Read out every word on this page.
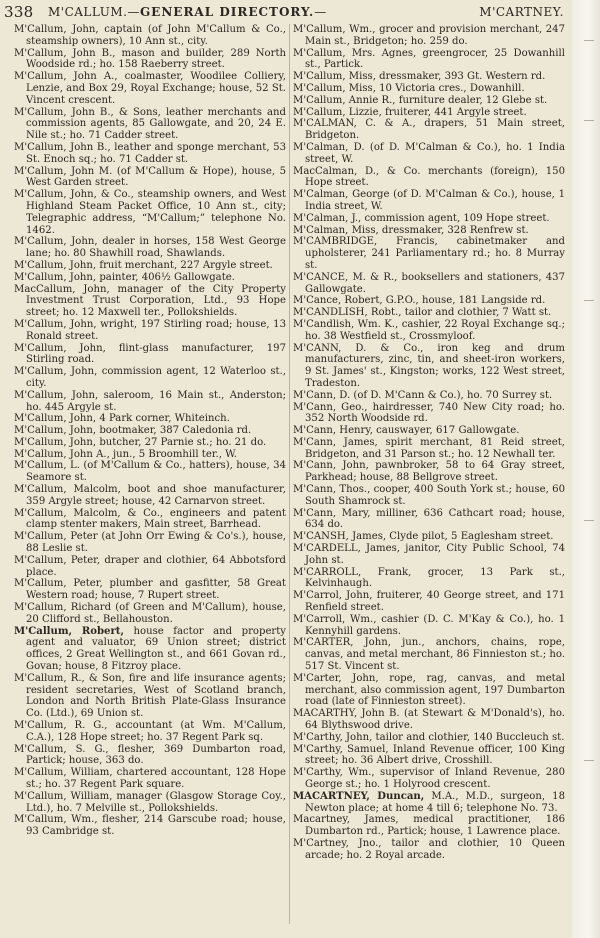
338 M'CALLUM.—GENERAL DIRECTORY.—	M'CARTNEY.

M'Callum, John, captain (of John M'Callum & Co., steamship owners), 10 Ann st., city.

M'Callum, John B., mason and builder, 289 North Woodside rd.; ho. 158 Raeberry street.

M'Callum, John A., coalmaster, Woodilee Colliery, Lenzie, and Box 29, Royal Exchange; house, 52 St. Vincent crescent.

M'Callum, John B., & Sons, leather merchants and commission agents, 85 Gallowgate, and 20, 24 E. Nile st.; ho. 71 Cadder street.

M'Callum, John B., leather and sponge merchant, 53 St. Enoch sq.; ho. 71 Cadder st.

M'Callum, John M. (of M'Callum & Hope), house, 5 West Garden street.

M'Callum, John, & Co., steamship owners, and West Highland Steam Packet Office, 10 Ann st., city; Telegraphic address, “M'Callum;” telephone No. 1462.

M'Callum, John, dealer in horses, 158 West George lane; ho. 80 Shawhill road, Shawlands.

M'Callum, John, fruit merchant, 227 Argyle street.

M'Callum, John, painter, 406½ Gallowgate.

MacCallum, John, manager of the City Property Investment Trust Corporation, Ltd., 93 Hope street; ho. 12 Maxwell ter., Pollokshields.

M'Callum, John, wright, 197 Stirling road; house, 13 Ronald street.

M'Callum, John, flint-glass manufacturer, 197 Stirling road.

M'Callum, John, commission agent, 12 Waterloo st., city.

M'Callum, John, saleroom, 16 Main st., Anderston; ho. 445 Argyle st.

M'Callum, John, 4 Park corner, Whiteinch.

M'Callum, John, bootmaker, 387 Caledonia rd.

M'Callum, John, butcher, 27 Parnie st.; ho. 21 do.

M'Callum, John A., jun., 5 Broomhill ter., W.

M'Callum, L. (of M'Callum & Co., hatters), house, 34 Seamore st.

M'Callum, Malcolm, boot and shoe manufacturer, 359 Argyle street; house, 42 Carnarvon street.

M'Callum, Malcolm, & Co., engineers and patent clamp stenter makers, Main street, Barrhead.

M'Callum, Peter (at John Orr Ewing & Co's.), house, 88 Leslie st.

M'Callum, Peter, draper and clothier, 64 Abbotsford place.

M'Callum, Peter, plumber and gasfitter, 58 Great Western road; house, 7 Rupert street.

M'Callum, Richard (of Green and M'Callum), house, 20 Clifford st., Bellahouston.

M'Callum, Robert, house factor and property agent and valuator, 69 Union street; district offices, 2 Great Wellington st., and 661 Govan rd., Govan; house, 8 Fitzroy place.

M'Callum, R., & Son, fire and life insurance agents; resident secretaries, West of Scotland branch, London and North British Plate-Glass Insurance Co. (Ltd.), 69 Union st.

M'Callum, R. G., accountant (at Wm. M'Callum, C.A.), 128 Hope street; ho. 37 Regent Park sq.

M'Callum, S. G., flesher, 369 Dumbarton road, Partick; house, 363 do.

M'Callum, William, chartered accountant, 128 Hope st.; ho. 37 Regent Park square.

M'Callum, William, manager (Glasgow Storage Coy., Ltd.), ho. 7 Melville st., Pollokshields.

M'Callum, Wm., flesher, 214 Garscube road; house, 93 Cambridge st.

M'Callum, Wm., grocer and provision merchant, 247 Main st., Bridgeton; ho. 259 do.

M'Callum, Mrs. Agnes, greengrocer, 25 Dowanhill st., Partick.

M'Callum, Miss, dressmaker, 393 Gt. Western rd.

M'Callum, Miss, 10 Victoria cres., Dowanhill.

M'Callum, Annie R., furniture dealer, 12 Glebe st.

M'Callum, Lizzie, fruiterer, 441 Argyle street.

M'CALMAN, C. & A., drapers, 51 Main street, Bridgeton.

M'Calman, D. (of D. M'Calman & Co.), ho. 1 India street, W.

MacCalman, D., & Co. merchants (foreign), 150 Hope street.

M'Calman, George (of D. M'Calman & Co.), house, 1 India street, W.

M'Calman, J., commission agent, 109 Hope street.

M'Calman, Miss, dressmaker, 328 Renfrew st.

M'CAMBRIDGE, Francis, cabinetmaker and upholsterer, 241 Parliamentary rd.; ho. 8 Murray st.

M'CANCE, M. & R., booksellers and stationers, 437 Gallowgate.

M'Cance, Robert, G.P.O., house, 181 Langside rd.

M'CANDLISH, Robt., tailor and clothier, 7 Watt st.

M'Candlish, Wm. K., cashier, 22 Royal Exchange sq.; ho. 38 Westfield st., Crossmyloof.

M'CANN, D. & Co., iron keg and drum manufacturers, zinc, tin, and sheet-iron workers, 9 St. James' st., Kingston; works, 122 West street, Tradeston.

M'Cann, D. (of D. M'Cann & Co.), ho. 70 Surrey st.

M'Cann, Geo., hairdresser, 740 New City road; ho. 352 North Woodside rd.

M'Cann, Henry, causwayer, 617 Gallowgate.

M'Cann, James, spirit merchant, 81 Reid street, Bridgeton, and 31 Parson st.; ho. 12 Newhall ter.

M'Cann, John, pawnbroker, 58 to 64 Gray street, Parkhead; house, 88 Bellgrove street.

M'Cann, Thos., cooper, 400 South York st.; house, 60 South Shamrock st.

M'Cann, Mary, milliner, 636 Cathcart road; house, 634 do.

M'CANSH, James, Clyde pilot, 5 Eaglesham street.

M'CARDELL, James, janitor, City Public School, 74 John st.

M'CARROLL, Frank, grocer, 13 Park st., Kelvinhaugh.

M'Carrol, John, fruiterer, 40 George street, and 171 Renfield street.

M'Carroll, Wm., cashier (D. C. M'Kay & Co.), ho. 1 Kennyhill gardens.

M'CARTER, John, jun., anchors, chains, rope, canvas, and metal merchant, 86 Finnieston st.; ho. 517 St. Vincent st.

M'Carter, John, rope, rag, canvas, and metal merchant, also commission agent, 197 Dumbarton road (late of Finnieston street).

MACARTHY, John B. (at Stewart & M'Donald's), ho. 64 Blythswood drive.

M'Carthy, John, tailor and clothier, 140 Buccleuch st.

M'Carthy, Samuel, Inland Revenue officer, 100 King street; ho. 36 Albert drive, Crosshill.

M'Carthy, Wm., supervisor of Inland Revenue, 280 George st.; ho. 1 Holyrood crescent.

MACARTNEY, Duncan, M.A., M.D., surgeon, 18 Newton place; at home 4 till 6; telephone No. 73.

Macartney, James, medical practitioner, 186 Dumbarton rd., Partick; house, 1 Lawrence place.

M'Cartney, Jno., tailor and clothier, 10 Queen arcade; ho. 2 Royal arcade.
